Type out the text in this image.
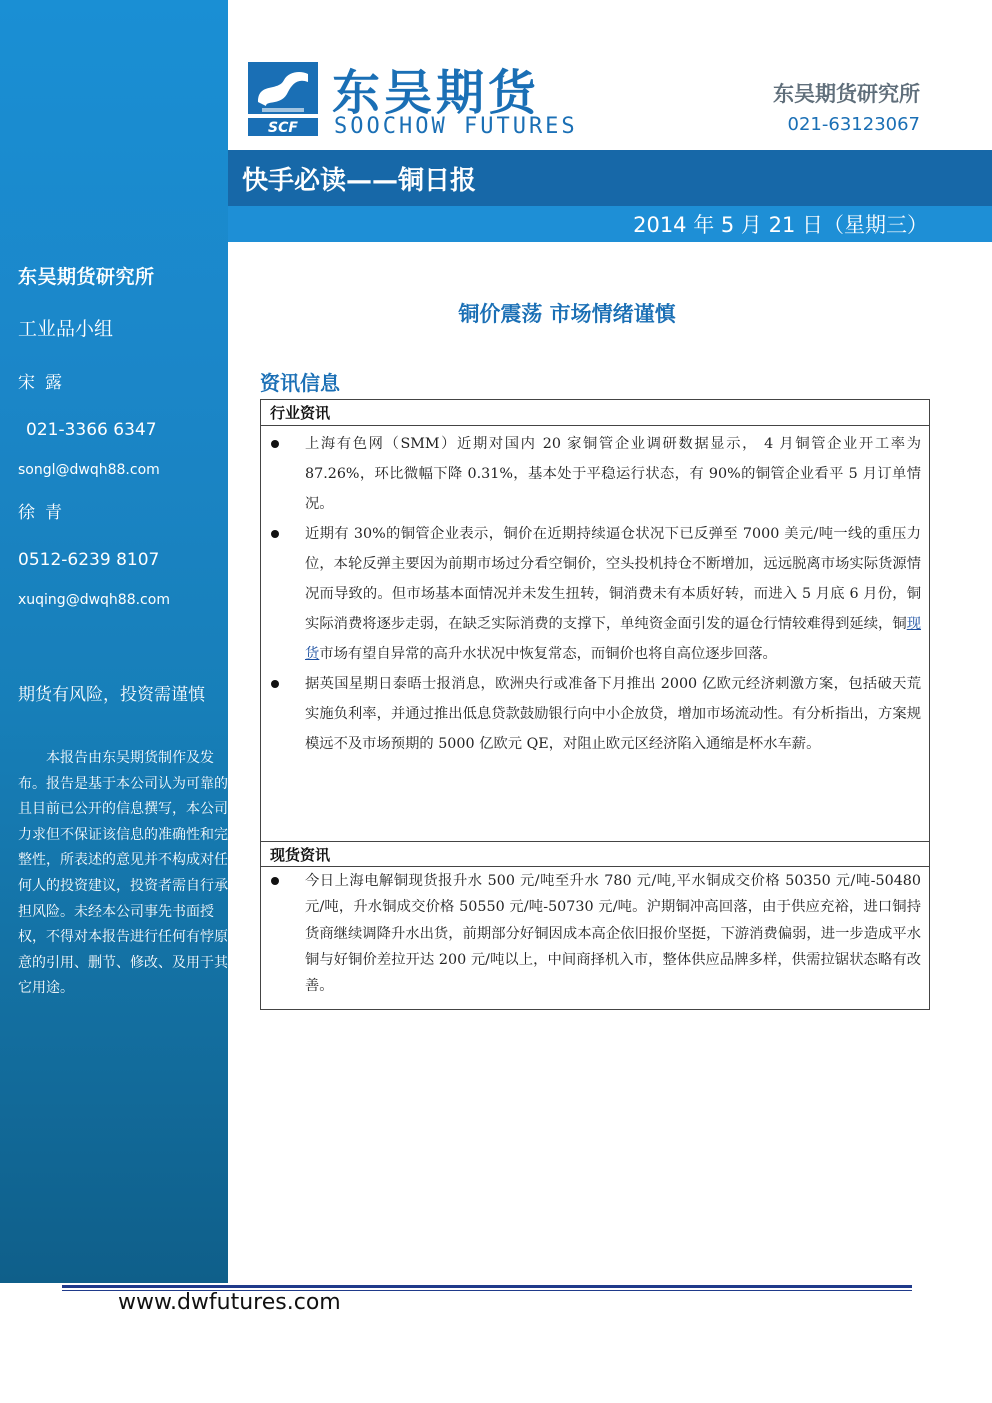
东吴期货研究所
工业品小组
宋露
021-3366 6347
songl@dwqh88.com
徐青
0512-6239 8107
xuqing@dwqh88.com
期货有风险，投资需谨慎
本报告由东吴期货制作及发布。报告是基于本公司认为可靠的且目前已公开的信息撰写，本公司力求但不保证该信息的准确性和完整性，所表述的意见并不构成对任何人的投资建议，投资者需自行承担风险。未经本公司事先书面授权，不得对本报告进行任何有悖原意的引用、删节、修改、及用于其它用途。
SCF
东吴期货
SOOCHOW FUTURES
东吴期货研究所
021-63123067
快手必读——铜日报
2014 年 5 月 21 日（星期三）
铜价震荡 市场情绪谨慎
资讯信息
行业资讯
上海有色网（SMM）近期对国内 20 家铜管企业调研数据显示， 4 月铜管企业开工率为 87.26%，环比微幅下降 0.31%，基本处于平稳运行状态，有 90%的铜管企业看平 5 月订单情况。
近期有 30%的铜管企业表示，铜价在近期持续逼仓状况下已反弹至 7000 美元/吨一线的重压力位，本轮反弹主要因为前期市场过分看空铜价，空头投机持仓不断增加，远远脱离市场实际货源情况而导致的。但市场基本面情况并未发生扭转，铜消费未有本质好转，而进入 5 月底 6 月份，铜实际消费将逐步走弱，在缺乏实际消费的支撑下，单纯资金面引发的逼仓行情较难得到延续，铜现货市场有望自异常的高升水状况中恢复常态，而铜价也将自高位逐步回落。
据英国星期日泰晤士报消息，欧洲央行或准备下月推出 2000 亿欧元经济刺激方案，包括破天荒实施负利率，并通过推出低息贷款鼓励银行向中小企放贷，增加市场流动性。有分析指出，方案规模远不及市场预期的 5000 亿欧元 QE，对阻止欧元区经济陷入通缩是杯水车薪。
现货资讯
今日上海电解铜现货报升水 500 元/吨至升水 780 元/吨,平水铜成交价格 50350 元/吨-50480 元/吨，升水铜成交价格 50550 元/吨-50730 元/吨。沪期铜冲高回落，由于供应充裕，进口铜持货商继续调降升水出货，前期部分好铜因成本高企依旧报价坚挺，下游消费偏弱，进一步造成平水铜与好铜价差拉开达 200 元/吨以上，中间商择机入市，整体供应品牌多样，供需拉锯状态略有改善。
www.dwfutures.com
